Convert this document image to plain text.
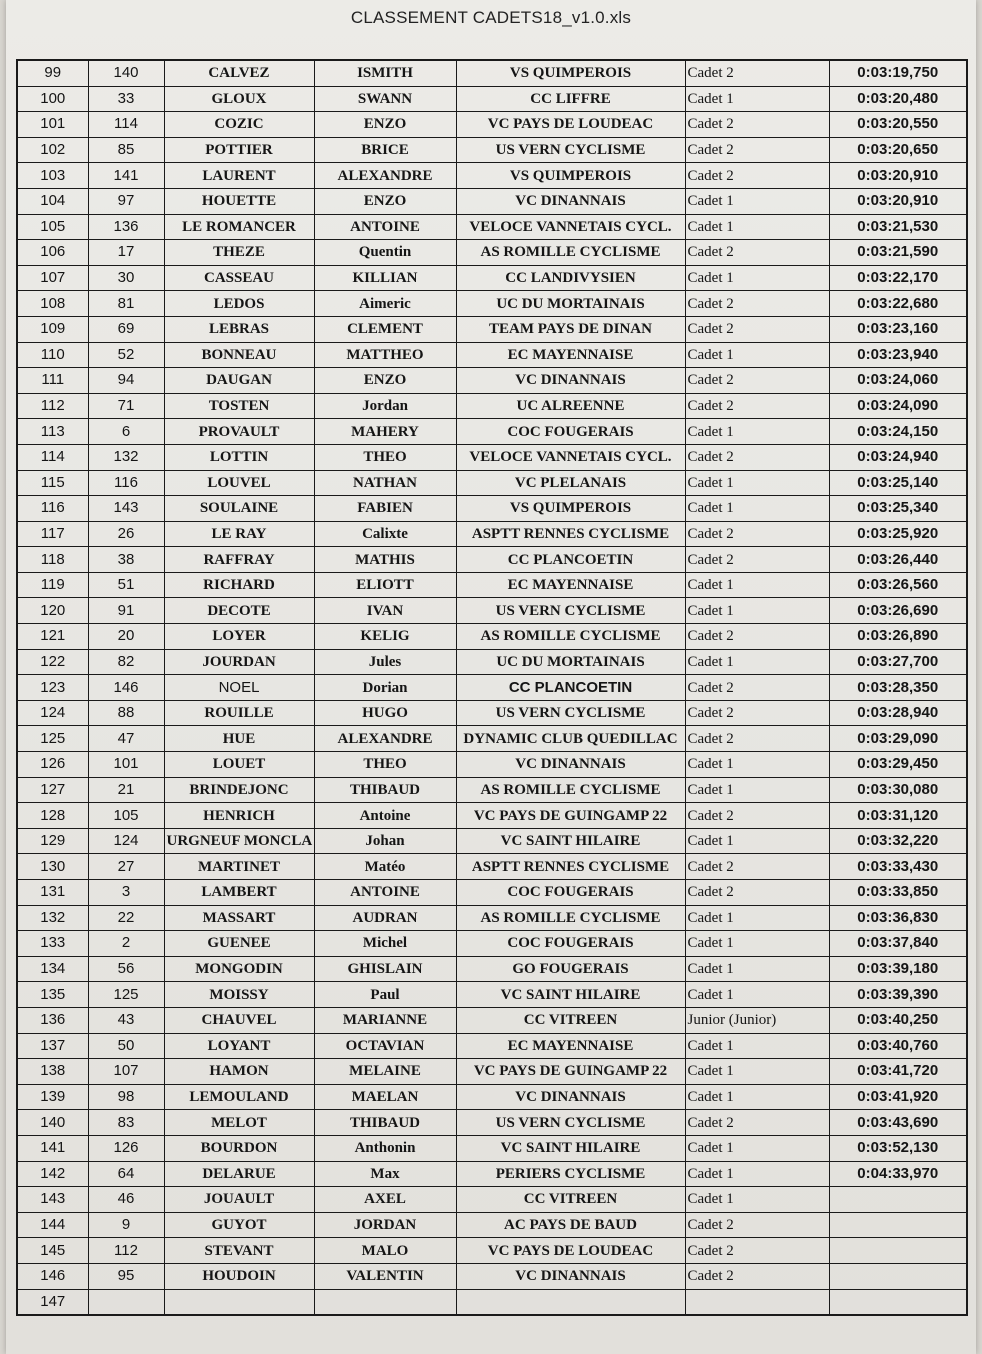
CLASSEMENT CADETS18_v1.0.xls
99	140	CALVEZ	ISMITH	VS QUIMPEROIS	Cadet 2	0:03:19,750
100	33	GLOUX	SWANN	CC LIFFRE	Cadet 1	0:03:20,480
101	114	COZIC	ENZO	VC PAYS DE LOUDEAC	Cadet 2	0:03:20,550
102	85	POTTIER	BRICE	US VERN CYCLISME	Cadet 2	0:03:20,650
103	141	LAURENT	ALEXANDRE	VS QUIMPEROIS	Cadet 2	0:03:20,910
104	97	HOUETTE	ENZO	VC DINANNAIS	Cadet 1	0:03:20,910
105	136	LE ROMANCER	ANTOINE	VELOCE VANNETAIS CYCL.	Cadet 1	0:03:21,530
106	17	THEZE	Quentin	AS ROMILLE CYCLISME	Cadet 2	0:03:21,590
107	30	CASSEAU	KILLIAN	CC LANDIVYSIEN	Cadet 1	0:03:22,170
108	81	LEDOS	Aimeric	UC DU MORTAINAIS	Cadet 2	0:03:22,680
109	69	LEBRAS	CLEMENT	TEAM PAYS DE DINAN	Cadet 2	0:03:23,160
110	52	BONNEAU	MATTHEO	EC MAYENNAISE	Cadet 1	0:03:23,940
111	94	DAUGAN	ENZO	VC DINANNAIS	Cadet 2	0:03:24,060
112	71	TOSTEN	Jordan	UC ALREENNE	Cadet 2	0:03:24,090
113	6	PROVAULT	MAHERY	COC FOUGERAIS	Cadet 1	0:03:24,150
114	132	LOTTIN	THEO	VELOCE VANNETAIS CYCL.	Cadet 2	0:03:24,940
115	116	LOUVEL	NATHAN	VC PLELANAIS	Cadet 1	0:03:25,140
116	143	SOULAINE	FABIEN	VS QUIMPEROIS	Cadet 1	0:03:25,340
117	26	LE RAY	Calixte	ASPTT RENNES CYCLISME	Cadet 2	0:03:25,920
118	38	RAFFRAY	MATHIS	CC PLANCOETIN	Cadet 2	0:03:26,440
119	51	RICHARD	ELIOTT	EC MAYENNAISE	Cadet 1	0:03:26,560
120	91	DECOTE	IVAN	US VERN CYCLISME	Cadet 1	0:03:26,690
121	20	LOYER	KELIG	AS ROMILLE CYCLISME	Cadet 2	0:03:26,890
122	82	JOURDAN	Jules	UC DU MORTAINAIS	Cadet 1	0:03:27,700
123	146	NOEL	Dorian	CC PLANCOETIN	Cadet 2	0:03:28,350
124	88	ROUILLE	HUGO	US VERN CYCLISME	Cadet 2	0:03:28,940
125	47	HUE	ALEXANDRE	DYNAMIC CLUB QUEDILLAC	Cadet 2	0:03:29,090
126	101	LOUET	THEO	VC DINANNAIS	Cadet 1	0:03:29,450
127	21	BRINDEJONC	THIBAUD	AS ROMILLE CYCLISME	Cadet 1	0:03:30,080
128	105	HENRICH	Antoine	VC PAYS DE GUINGAMP 22	Cadet 2	0:03:31,120
129	124	URGNEUF MONCLA	Johan	VC SAINT HILAIRE	Cadet 1	0:03:32,220
130	27	MARTINET	Matéo	ASPTT RENNES CYCLISME	Cadet 2	0:03:33,430
131	3	LAMBERT	ANTOINE	COC FOUGERAIS	Cadet 2	0:03:33,850
132	22	MASSART	AUDRAN	AS ROMILLE CYCLISME	Cadet 1	0:03:36,830
133	2	GUENEE	Michel	COC FOUGERAIS	Cadet 1	0:03:37,840
134	56	MONGODIN	GHISLAIN	GO FOUGERAIS	Cadet 1	0:03:39,180
135	125	MOISSY	Paul	VC SAINT HILAIRE	Cadet 1	0:03:39,390
136	43	CHAUVEL	MARIANNE	CC VITREEN	Junior (Junior)	0:03:40,250
137	50	LOYANT	OCTAVIAN	EC MAYENNAISE	Cadet 1	0:03:40,760
138	107	HAMON	MELAINE	VC PAYS DE GUINGAMP 22	Cadet 1	0:03:41,720
139	98	LEMOULAND	MAELAN	VC DINANNAIS	Cadet 1	0:03:41,920
140	83	MELOT	THIBAUD	US VERN CYCLISME	Cadet 2	0:03:43,690
141	126	BOURDON	Anthonin	VC SAINT HILAIRE	Cadet 1	0:03:52,130
142	64	DELARUE	Max	PERIERS CYCLISME	Cadet 1	0:04:33,970
143	46	JOUAULT	AXEL	CC VITREEN	Cadet 1	
144	9	GUYOT	JORDAN	AC PAYS DE BAUD	Cadet 2	
145	112	STEVANT	MALO	VC PAYS DE LOUDEAC	Cadet 2	
146	95	HOUDOIN	VALENTIN	VC DINANNAIS	Cadet 2	
147						
